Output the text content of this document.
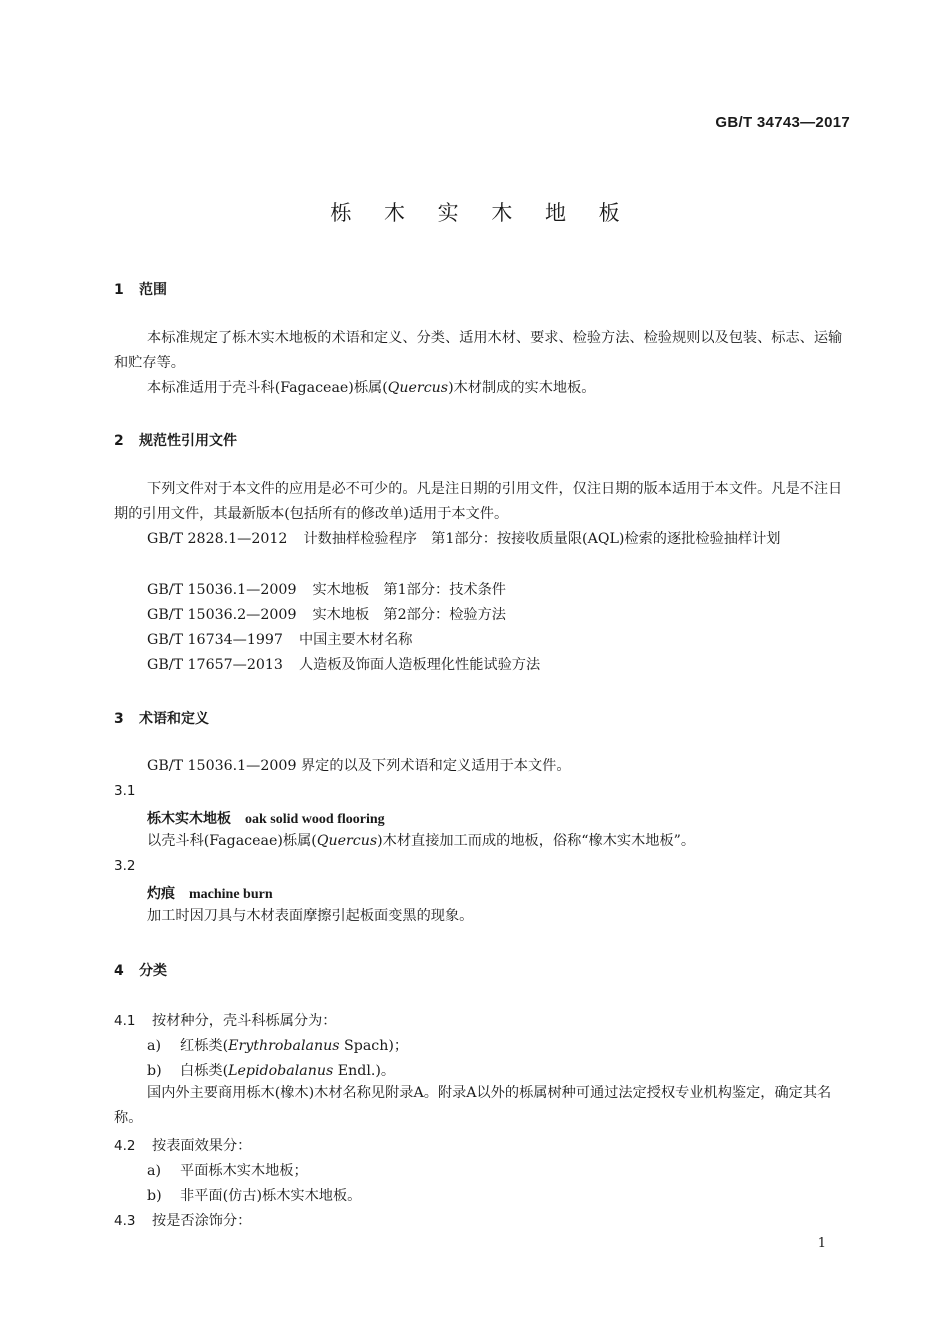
GB/T 34743—2017
栎 木 实 木 地 板
1 范围
本标准规定了栎木实木地板的术语和定义、分类、适用木材、要求、检验方法、检验规则以及包装、标志、运输和贮存等。
本标准适用于壳斗科(Fagaceae)栎属(Quercus)木材制成的实木地板。
2 规范性引用文件
下列文件对于本文件的应用是必不可少的。凡是注日期的引用文件，仅注日期的版本适用于本文件。凡是不注日期的引用文件，其最新版本(包括所有的修改单)适用于本文件。
GB/T 2828.1—2012 计数抽样检验程序　第1部分：按接收质量限(AQL)检索的逐批检验抽样计划
GB/T 15036.1—2009 实木地板　第1部分：技术条件
GB/T 15036.2—2009 实木地板　第2部分：检验方法
GB/T 16734—1997 中国主要木材名称
GB/T 17657—2013 人造板及饰面人造板理化性能试验方法
3 术语和定义
GB/T 15036.1—2009 界定的以及下列术语和定义适用于本文件。
3.1
栎木实木地板 oak solid wood flooring
以壳斗科(Fagaceae)栎属(Quercus)木材直接加工而成的地板，俗称“橡木实木地板”。
3.2
灼痕 machine burn
加工时因刀具与木材表面摩擦引起板面变黑的现象。
4 分类
4.1 按材种分，壳斗科栎属分为：
a) 红栎类(Erythrobalanus Spach)；
b) 白栎类(Lepidobalanus Endl.)。
国内外主要商用栎木(橡木)木材名称见附录A。附录A以外的栎属树种可通过法定授权专业机构鉴定，确定其名称。
4.2 按表面效果分：
a) 平面栎木实木地板；
b) 非平面(仿古)栎木实木地板。
4.3 按是否涂饰分：
1
